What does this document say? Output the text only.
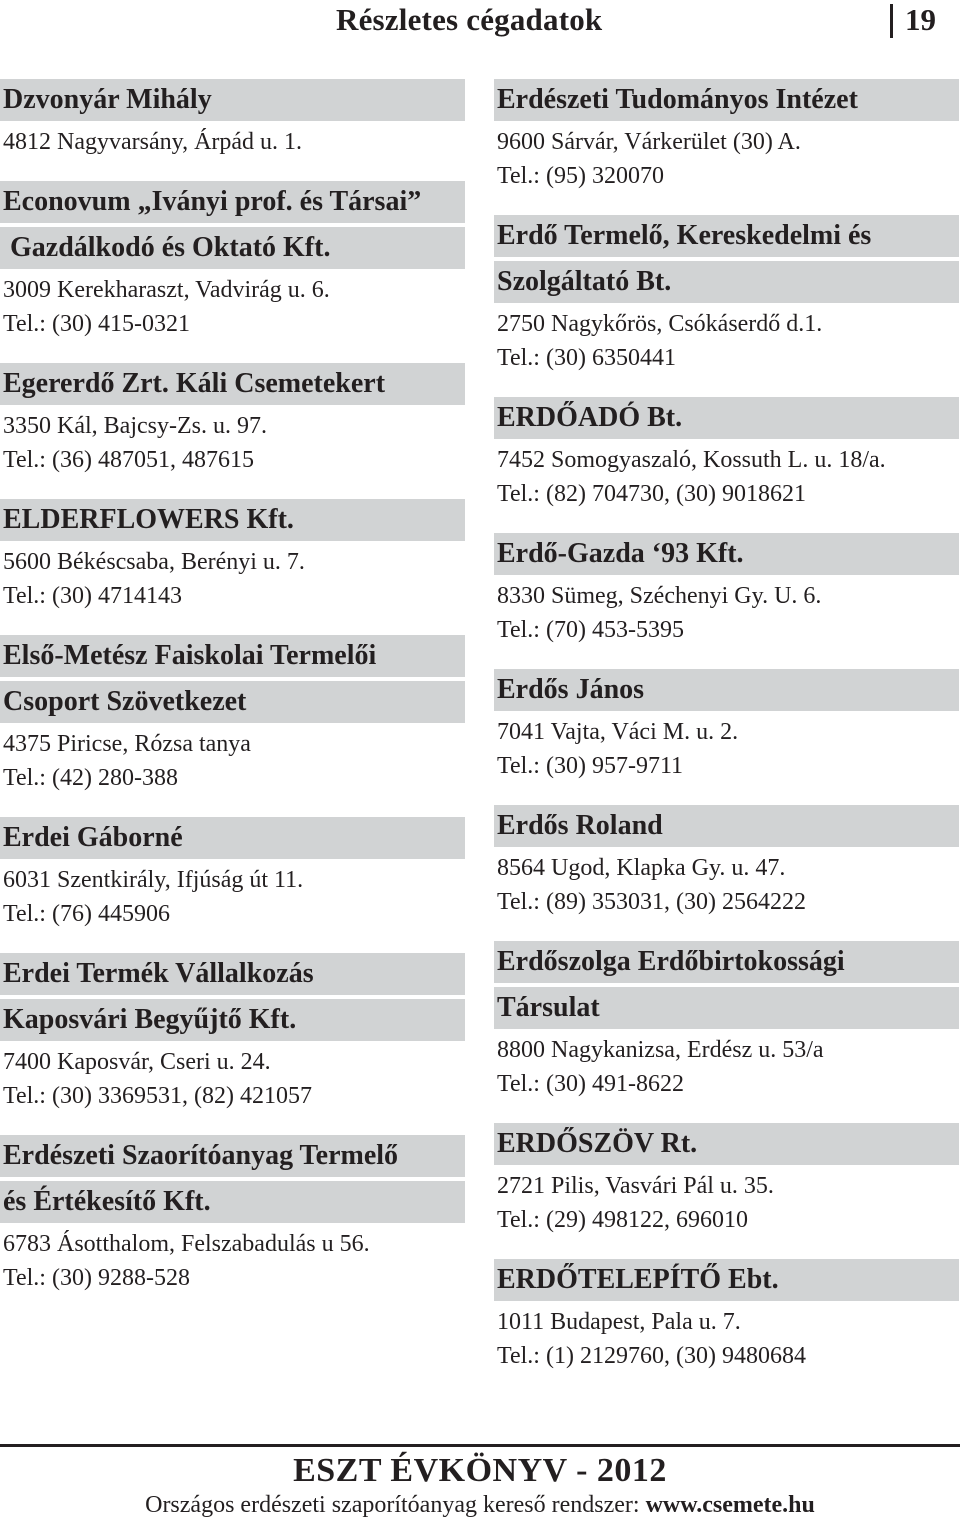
Részletes cégadatok	19
Dzvonyár Mihály
4812 Nagyvarsány, Árpád u. 1.
Econovum „Iványi prof. és Társai”
Gazdálkodó és Oktató Kft.
3009 Kerekharaszt, Vadvirág u. 6.
Tel.: (30) 415-0321
Egererdő Zrt. Káli Csemetekert
3350 Kál, Bajcsy-Zs. u. 97.
Tel.: (36) 487051, 487615
ELDERFLOWERS Kft.
5600 Békéscsaba, Berényi u. 7.
Tel.: (30) 4714143
Első-Metész Faiskolai Termelői
Csoport Szövetkezet
4375 Piricse, Rózsa tanya
Tel.: (42) 280-388
Erdei Gáborné
6031 Szentkirály, Ifjúság út 11.
Tel.: (76) 445906
Erdei Termék Vállalkozás
Kaposvári Begyűjtő Kft.
7400 Kaposvár, Cseri u. 24.
Tel.: (30) 3369531, (82) 421057
Erdészeti Szaorítóanyag Termelő
és Értékesítő Kft.
6783 Ásotthalom, Felszabadulás u 56.
Tel.: (30) 9288-528
Erdészeti Tudományos Intézet
9600 Sárvár, Várkerület (30) A.
Tel.: (95) 320070
Erdő Termelő, Kereskedelmi és
Szolgáltató Bt.
2750 Nagykőrös, Csókáserdő d.1.
Tel.: (30) 6350441
ERDŐADÓ Bt.
7452 Somogyaszaló, Kossuth L. u. 18/a.
Tel.: (82) 704730, (30) 9018621
Erdő-Gazda ‘93 Kft.
8330 Sümeg, Széchenyi Gy. U. 6.
Tel.: (70) 453-5395
Erdős János
7041 Vajta, Váci M. u. 2.
Tel.: (30) 957-9711
Erdős Roland
8564 Ugod, Klapka Gy. u. 47.
Tel.: (89) 353031, (30) 2564222
Erdőszolga Erdőbirtokossági
Társulat
8800 Nagykanizsa, Erdész u. 53/a
Tel.: (30) 491-8622
ERDŐSZÖV Rt.
2721 Pilis, Vasvári Pál u. 35.
Tel.: (29) 498122, 696010
ERDŐTELEPÍTŐ Ebt.
1011 Budapest, Pala u. 7.
Tel.: (1) 2129760, (30) 9480684
ESZT ÉVKÖNYV - 2012
Országos erdészeti szaporítóanyag kereső rendszer: www.csemete.hu
